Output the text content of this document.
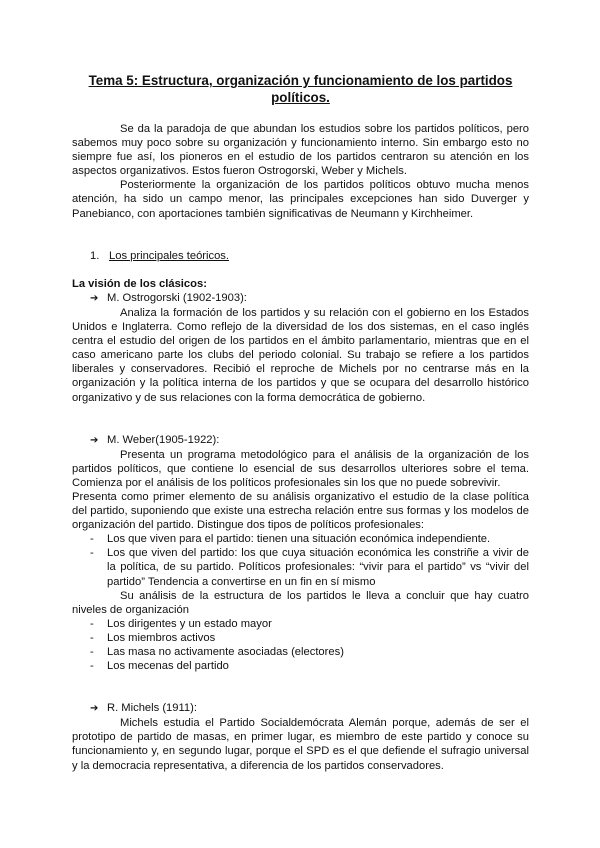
Tema 5: Estructura, organización y funcionamiento de los partidos políticos.

Se da la paradoja de que abundan los estudios sobre los partidos políticos, pero sabemos muy poco sobre su organización y funcionamiento interno. Sin embargo esto no siempre fue así, los pioneros en el estudio de los partidos centraron su atención en los aspectos organizativos. Estos fueron Ostrogorski, Weber y Michels.

Posteriormente la organización de los partidos políticos obtuvo mucha menos atención, ha sido un campo menor, las principales excepciones han sido Duverger y Panebianco, con aportaciones también significativas de Neumann y Kirchheimer.

1. Los principales teóricos.
La visión de los clásicos:
➔ M. Ostrogorski (1902-1903):

Analiza la formación de los partidos y su relación con el gobierno en los Estados Unidos e Inglaterra. Como reflejo de la diversidad de los dos sistemas, en el caso inglés centra el estudio del origen de los partidos en el ámbito parlamentario, mientras que en el caso americano parte los clubs del periodo colonial. Su trabajo se refiere a los partidos liberales y conservadores. Recibió el reproche de Michels por no centrarse más en la organización y la política interna de los partidos y que se ocupara del desarrollo histórico organizativo y de sus relaciones con la forma democrática de gobierno.

➔ M. Weber(1905-1922):

Presenta un programa metodológico para el análisis de la organización de los partidos políticos, que contiene lo esencial de sus desarrollos ulteriores sobre el tema. Comienza por el análisis de los políticos profesionales sin los que no puede sobrevivir.

Presenta como primer elemento de su análisis organizativo el estudio de la clase política del partido, suponiendo que existe una estrecha relación entre sus formas y los modelos de organización del partido. Distingue dos tipos de políticos profesionales:

- Los que viven para el partido: tienen una situación económica independiente.
- Los que viven del partido: los que cuya situación económica les constriñe a vivir de la política, de su partido. Políticos profesionales: “vivir para el partido” vs “vivir del partido” Tendencia a convertirse en un fin en sí mismo

Su análisis de la estructura de los partidos le lleva a concluir que hay cuatro niveles de organización

- Los dirigentes y un estado mayor
- Los miembros activos
- Las masa no activamente asociadas (electores)
- Los mecenas del partido
➔ R. Michels (1911):

Michels estudia el Partido Socialdemócrata Alemán porque, además de ser el prototipo de partido de masas, en primer lugar, es miembro de este partido y conoce su funcionamiento y, en segundo lugar, porque el SPD es el que defiende el sufragio universal y la democracia representativa, a diferencia de los partidos conservadores.
